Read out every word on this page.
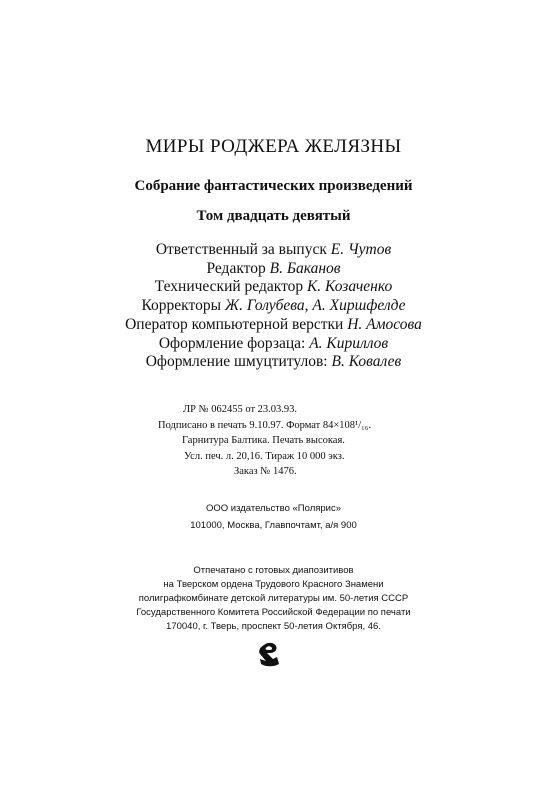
МИРЫ РОДЖЕРА ЖЕЛЯЗНЫ
Собрание фантастических произведений
Том двадцать девятый
Ответственный за выпуск Е. Чутов
Редактор В. Баканов
Технический редактор К. Козаченко
Корректоры Ж. Голубева, А. Хиршфелде
Оператор компьютерной верстки Н. Амосова
Оформление форзаца: А. Кириллов
Оформление шмуцтитулов: В. Ковалев
ЛР № 062455 от 23.03.93.
Подписано в печать 9.10.97. Формат 84×108¹/₁₆.
Гарнитура Балтика. Печать высокая.
Усл. печ. л. 20,16. Тираж 10 000 экз.
Заказ № 1476.
ООО издательство «Полярис»
101000, Москва, Главпочтамт, а/я 900
Отпечатано с готовых диапозитивов
на Тверском ордена Трудового Красного Знамени
полиграфкомбинате детской литературы им. 50-летия СССР
Государственного Комитета Российской Федерации по печати
170040, г. Тверь, проспект 50-летия Октября, 46.
